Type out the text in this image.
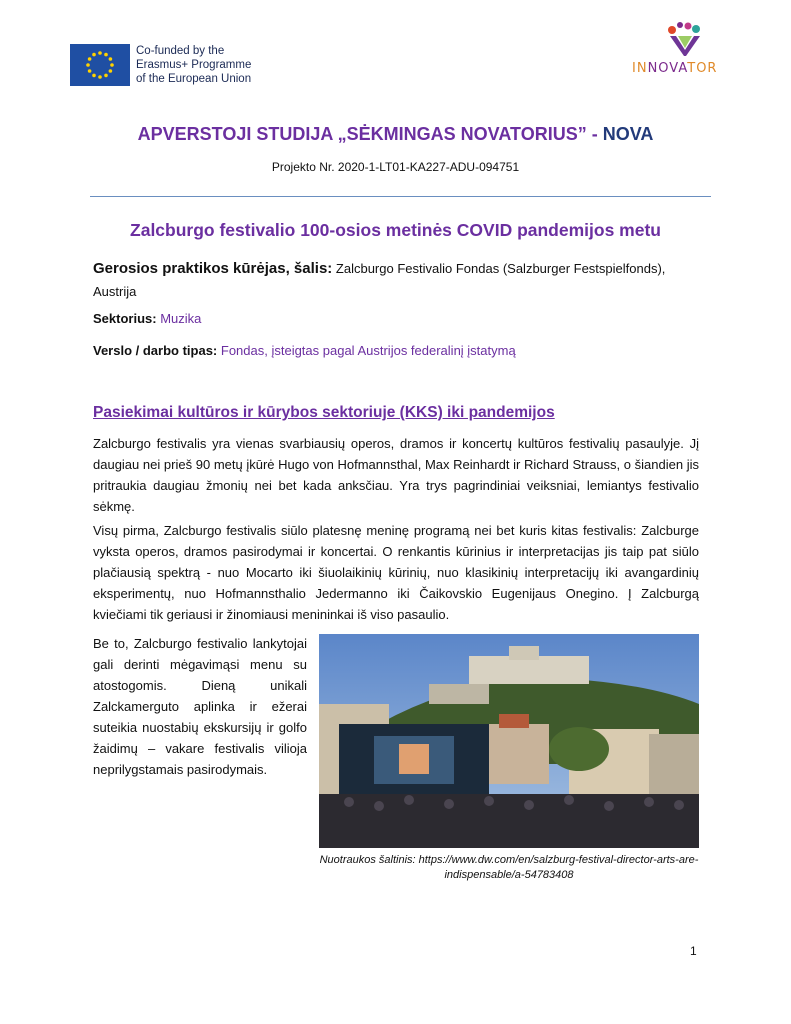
Co-funded by the
Erasmus+ Programme
of the European Union
INNOVATOR
APVERSTOJI STUDIJA „SĖKMINGAS NOVATORIUS” - NOVA
Projekto Nr. 2020-1-LT01-KA227-ADU-094751
Zalcburgo festivalio 100-osios metinės COVID pandemijos metu
Gerosios praktikos kūrėjas, šalis: Zalcburgo Festivalio Fondas (Salzburger Festspielfonds), Austrija
Sektorius: Muzika
Verslo / darbo tipas: Fondas, įsteigtas pagal Austrijos federalinį įstatymą
Pasiekimai kultūros ir kūrybos sektoriuje (KKS) iki pandemijos
Zalcburgo festivalis yra vienas svarbiausių operos, dramos ir koncertų kultūros festivalių pasaulyje. Jį daugiau nei prieš 90 metų įkūrė Hugo von Hofmannsthal, Max Reinhardt ir Richard Strauss, o šiandien jis pritraukia daugiau žmonių nei bet kada anksčiau. Yra trys pagrindiniai veiksniai, lemiantys festivalio sėkmę.
Visų pirma, Zalcburgo festivalis siūlo platesnę meninę programą nei bet kuris kitas festivalis: Zalcburge vyksta operos, dramos pasirodymai ir koncertai. O renkantis kūrinius ir interpretacijas jis taip pat siūlo plačiausią spektrą - nuo Mocarto iki šiuolaikinių kūrinių, nuo klasikinių interpretacijų iki avangardinių eksperimentų, nuo Hofmannsthalio Jedermanno iki Čaikovskio Eugenijaus Onegino. Į Zalcburgą kviečiami tik geriausi ir žinomiausi menininkai iš viso pasaulio.
Be to, Zalcburgo festivalio lankytojai gali derinti mėgavimąsi menu su atostogomis. Dieną unikali Zalckamerguto aplinka ir ežerai suteikia nuostabių ekskursijų ir golfo žaidimų – vakare festivalis vilioja neprilygstamais pasirodymais.
Nuotraukos šaltinis: https://www.dw.com/en/salzburg-festival-director-arts-are-indispensable/a-54783408
1
